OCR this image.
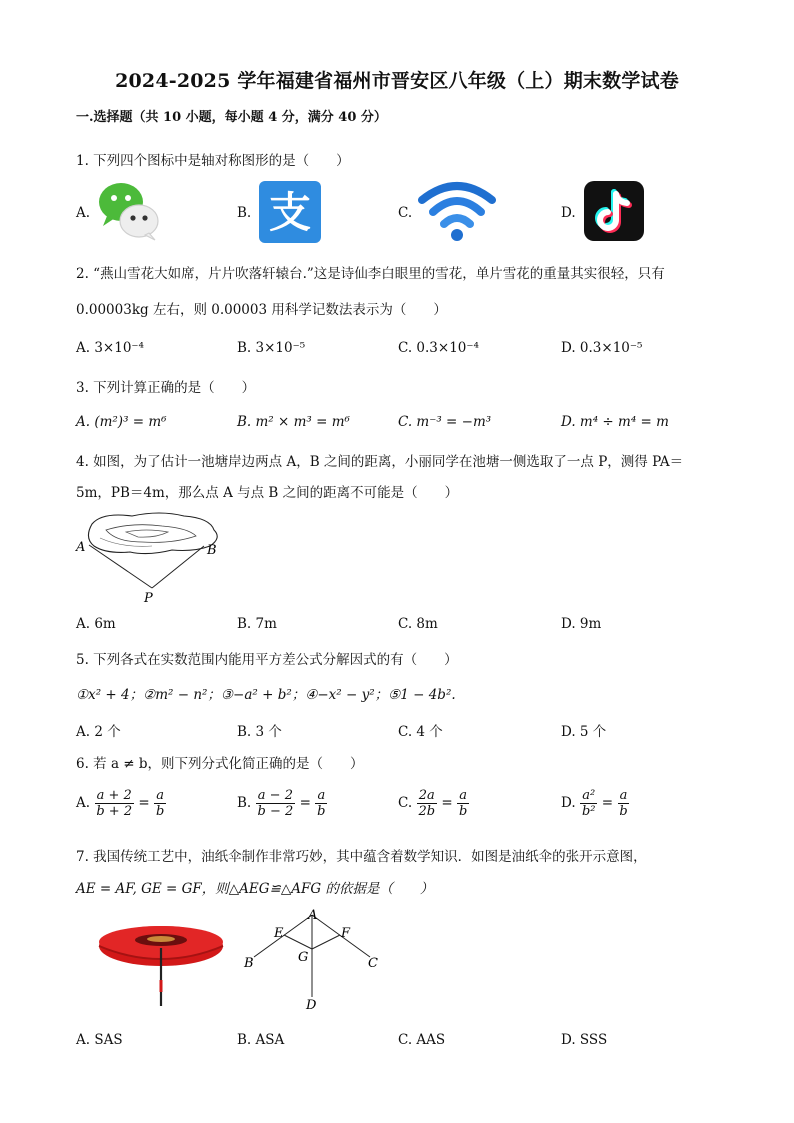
2024-2025 学年福建省福州市晋安区八年级（上）期末数学试卷
一.选择题（共 10 小题，每小题 4 分，满分 40 分）
1. 下列四个图标中是轴对称图形的是（　　）
A.	B. 支	C.	D.
2. “燕山雪花大如席，片片吹落轩辕台.”这是诗仙李白眼里的雪花，单片雪花的重量其实很轻，只有
0.00003kg 左右，则 0.00003 用科学记数法表示为（　　）
A. 3×10⁻⁴	B. 3×10⁻⁵	C. 0.3×10⁻⁴	D. 0.3×10⁻⁵
3. 下列计算正确的是（　　）
A. (m²)³ = m⁶	B. m² × m³ = m⁶	C. m⁻³ = −m³	D. m⁴ ÷ m⁴ = m
4. 如图，为了估计一池塘岸边两点 A，B 之间的距离，小丽同学在池塘一侧选取了一点 P，测得 PA＝
5m，PB＝4m，那么点 A 与点 B 之间的距离不可能是（　　）
A	B
P
A. 6m	B. 7m	C. 8m	D. 9m
5. 下列各式在实数范围内能用平方差公式分解因式的有（　　）
①x² + 4；②m² − n²；③−a² + b²；④−x² − y²；⑤1 − 4b².
A. 2 个	B. 3 个	C. 4 个	D. 5 个
6. 若 a ≠ b，则下列分式化简正确的是（　　）
A. $\frac{a + 2}{b + 2} = \frac{a}{b}$	B. $\frac{a - 2}{b - 2} = \frac{a}{b}$	C. $\frac{2a}{2b} = \frac{a}{b}$	D. $\frac{\text{a²}}{\text{b²}} = \frac{a}{b}$
7. 我国传统工艺中，油纸伞制作非常巧妙，其中蕴含着数学知识．如图是油纸伞的张开示意图，
AE = AF, GE = GF，则△AEG≌△AFG 的依据是（　　）
A
E	F
B	G	C
D
A. SAS	B. ASA	C. AAS	D. SSS
